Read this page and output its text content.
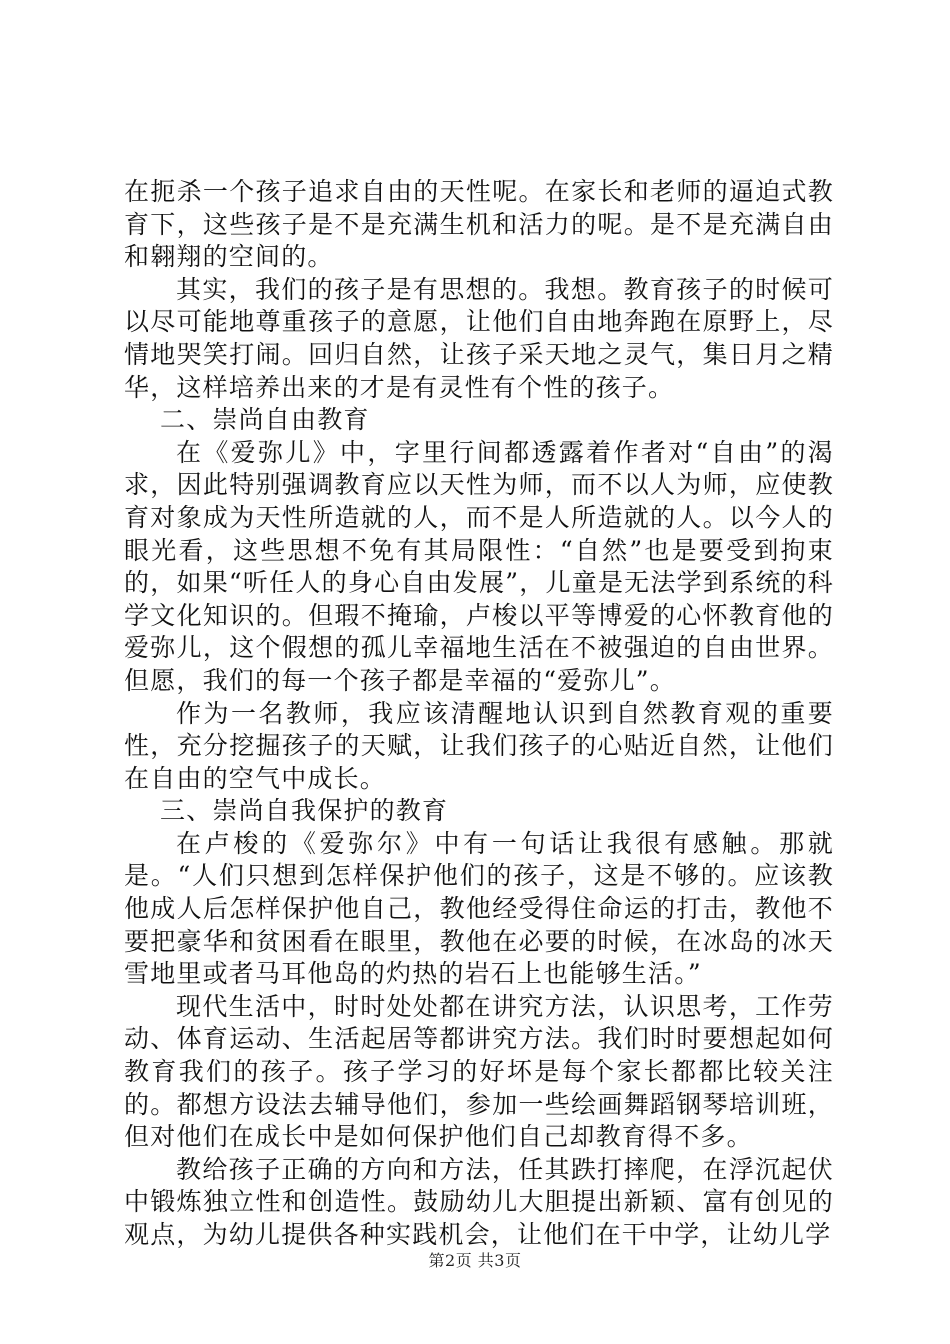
在扼杀一个孩子追求自由的天性呢。在家长和老师的逼迫式教育下，这些孩子是不是充满生机和活力的呢。是不是充满自由和翱翔的空间的。

其实，我们的孩子是有思想的。我想。教育孩子的时候可以尽可能地尊重孩子的意愿，让他们自由地奔跑在原野上，尽情地哭笑打闹。回归自然，让孩子采天地之灵气，集日月之精华，这样培养出来的才是有灵性有个性的孩子。

二、崇尚自由教育

在《爱弥儿》中，字里行间都透露着作者对“自由”的渴求，因此特别强调教育应以天性为师，而不以人为师，应使教育对象成为天性所造就的人，而不是人所造就的人。以今人的眼光看，这些思想不免有其局限性：“自然”也是要受到拘束的，如果“听任人的身心自由发展”，儿童是无法学到系统的科学文化知识的。但瑕不掩瑜，卢梭以平等博爱的心怀教育他的爱弥儿，这个假想的孤儿幸福地生活在不被强迫的自由世界。但愿，我们的每一个孩子都是幸福的“爱弥儿”。

作为一名教师，我应该清醒地认识到自然教育观的重要性，充分挖掘孩子的天赋，让我们孩子的心贴近自然，让他们在自由的空气中成长。

三、崇尚自我保护的教育

在卢梭的《爱弥尔》中有一句话让我很有感触。那就是。“人们只想到怎样保护他们的孩子，这是不够的。应该教他成人后怎样保护他自己，教他经受得住命运的打击，教他不要把豪华和贫困看在眼里，教他在必要的时候，在冰岛的冰天雪地里或者马耳他岛的灼热的岩石上也能够生活。”

现代生活中，时时处处都在讲究方法，认识思考，工作劳动、体育运动、生活起居等都讲究方法。我们时时要想起如何教育我们的孩子。孩子学习的好坏是每个家长都都比较关注的。都想方设法去辅导他们，参加一些绘画舞蹈钢琴培训班，但对他们在成长中是如何保护他们自己却教育得不多。

教给孩子正确的方向和方法，任其跌打摔爬，在浮沉起伏中锻炼独立性和创造性。鼓励幼儿大胆提出新颖、富有创见的观点，为幼儿提供各种实践机会，让他们在干中学，让幼儿学

第2页 共3页
